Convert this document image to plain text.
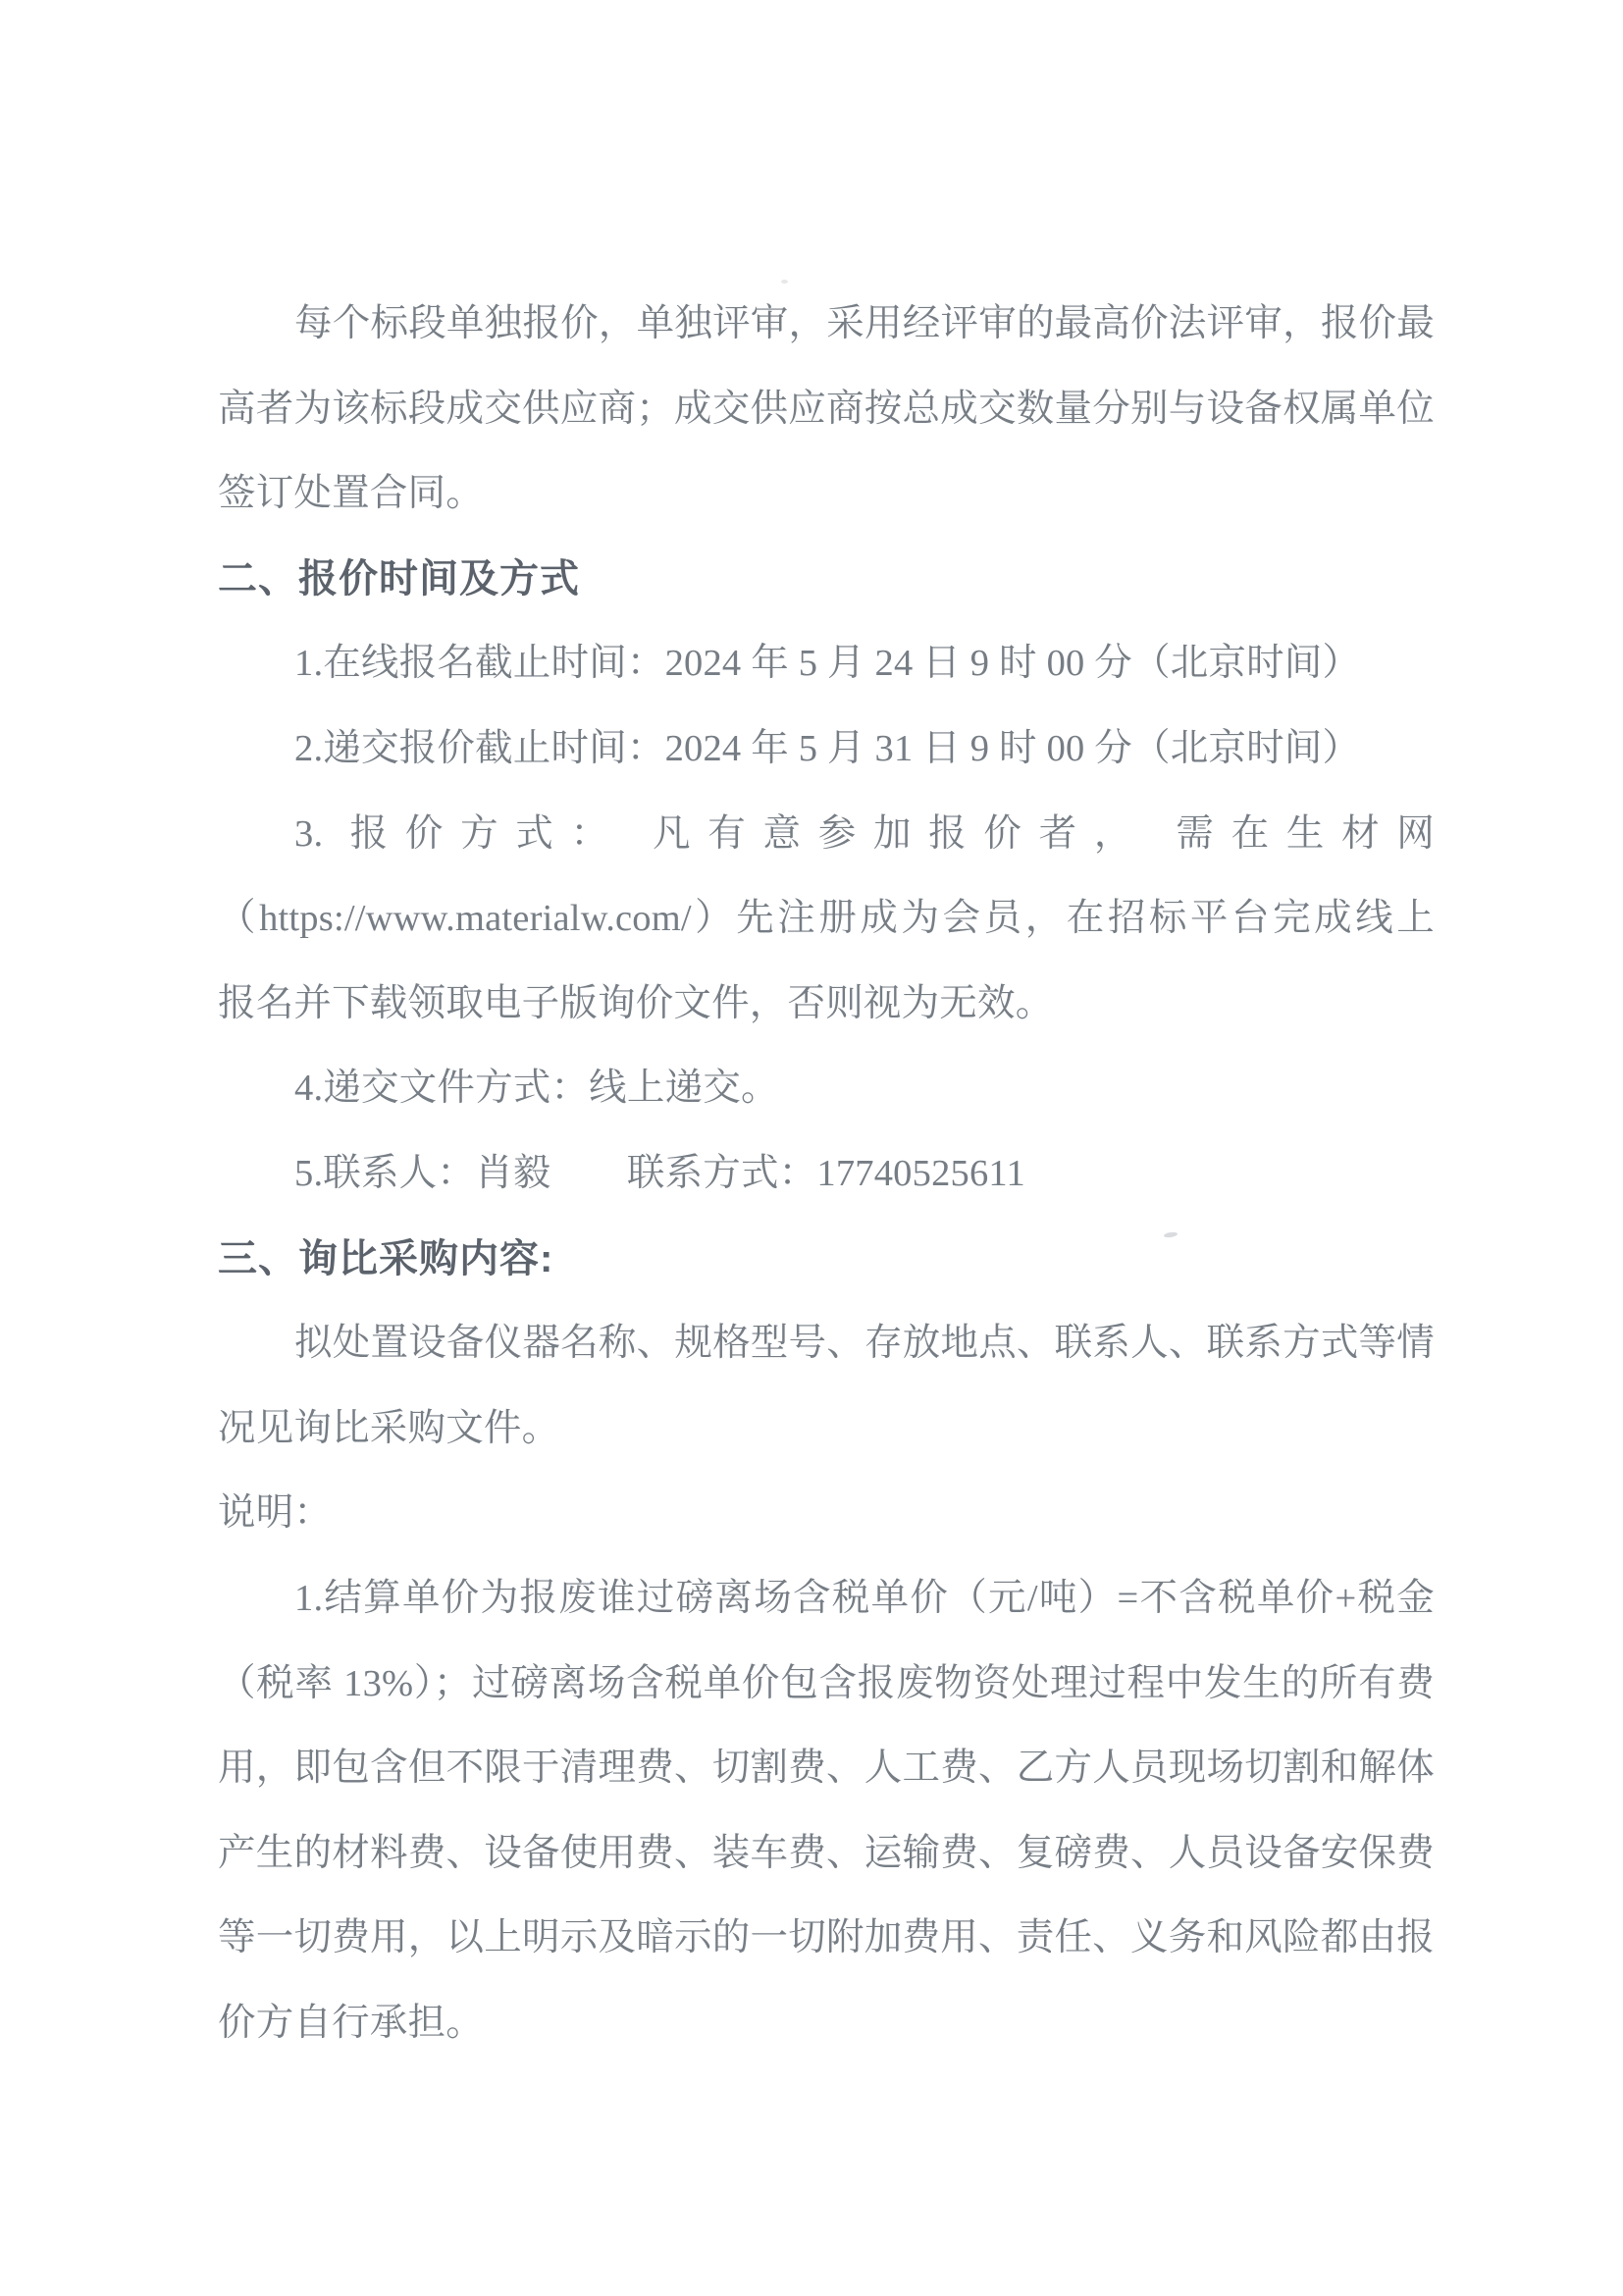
每个标段单独报价，单独评审，采用经评审的最高价法评审，报价最
高者为该标段成交供应商；成交供应商按总成交数量分别与设备权属单位
签订处置合同。
二、报价时间及方式
1.在线报名截止时间：2024 年 5 月 24 日 9 时 00 分（北京时间）
2.递交报价截止时间：2024 年 5 月 31 日 9 时 00 分（北京时间）
3. 报价方式： 凡有意参加报价者， 需在生材网
（https://www.materialw.com/）先注册成为会员，在招标平台完成线上
报名并下载领取电子版询价文件，否则视为无效。
4.递交文件方式：线上递交。
5.联系人：肖毅　　联系方式：17740525611
三、询比采购内容:
拟处置设备仪器名称、规格型号、存放地点、联系人、联系方式等情
况见询比采购文件。
说明：
1.结算单价为报废谁过磅离场含税单价（元/吨）=不含税单价+税金
（税率 13%）；过磅离场含税单价包含报废物资处理过程中发生的所有费
用，即包含但不限于清理费、切割费、人工费、乙方人员现场切割和解体
产生的材料费、设备使用费、装车费、运输费、复磅费、人员设备安保费
等一切费用，以上明示及暗示的一切附加费用、责任、义务和风险都由报
价方自行承担。
